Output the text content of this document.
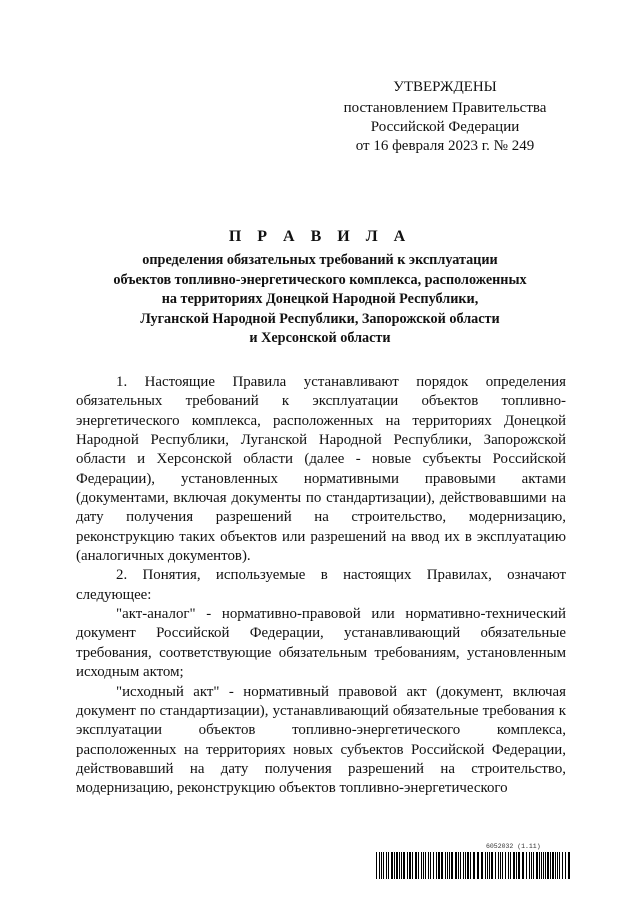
УТВЕРЖДЕНЫ
постановлением Правительства
Российской Федерации
от 16 февраля 2023 г. № 249
П Р А В И Л А
определения обязательных требований к эксплуатации
объектов топливно-энергетического комплекса, расположенных
на территориях Донецкой Народной Республики,
Луганской Народной Республики, Запорожской области
и Херсонской области

1. Настоящие Правила устанавливают порядок определения обязательных требований к эксплуатации объектов топливно-энергетического комплекса, расположенных на территориях Донецкой Народной Республики, Луганской Народной Республики, Запорожской области и Херсонской области (далее - новые субъекты Российской Федерации), установленных нормативными правовыми актами (документами, включая документы по стандартизации), действовавшими на дату получения разрешений на строительство, модернизацию, реконструкцию таких объектов или разрешений на ввод их в эксплуатацию (аналогичных документов).

2. Понятия, используемые в настоящих Правилах, означают следующее:

"акт-аналог" - нормативно-правовой или нормативно-технический документ Российской Федерации, устанавливающий обязательные требования, соответствующие обязательным требованиям, установленным исходным актом;

"исходный акт" - нормативный правовой акт (документ, включая документ по стандартизации), устанавливающий обязательные требования к эксплуатации объектов топливно-энергетического комплекса, расположенных на территориях новых субъектов Российской Федерации, действовавший на дату получения разрешений на строительство, модернизацию, реконструкцию объектов топливно-энергетического

6052032 (1.11)
